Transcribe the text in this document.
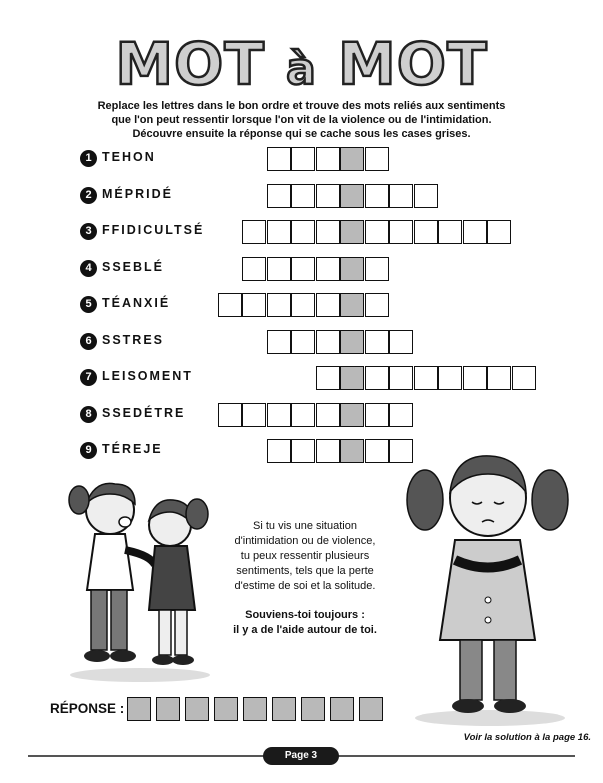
MOT à MOT
Replace les lettres dans le bon ordre et trouve des mots reliés aux sentiments
que l'on peut ressentir lorsque l'on vit de la violence ou de l'intimidation.
Découvre ensuite la réponse qui se cache sous les cases grises.
1 TEHON
2 MÉPRIDÉ
3 FFIDICULTSÉ
4 SSEBLÉ
5 TÉANXIÉ
6 SSTRES
7 LEISOMENT
8 SSEDÉTRE
9 TÉREJE
Si tu vis une situation
d'intimidation ou de violence,
tu peux ressentir plusieurs
sentiments, tels que la perte
d'estime de soi et la solitude.
Souviens-toi toujours :
il y a de l'aide autour de toi.
RÉPONSE :
Voir la solution à la page 16.
Page 3
